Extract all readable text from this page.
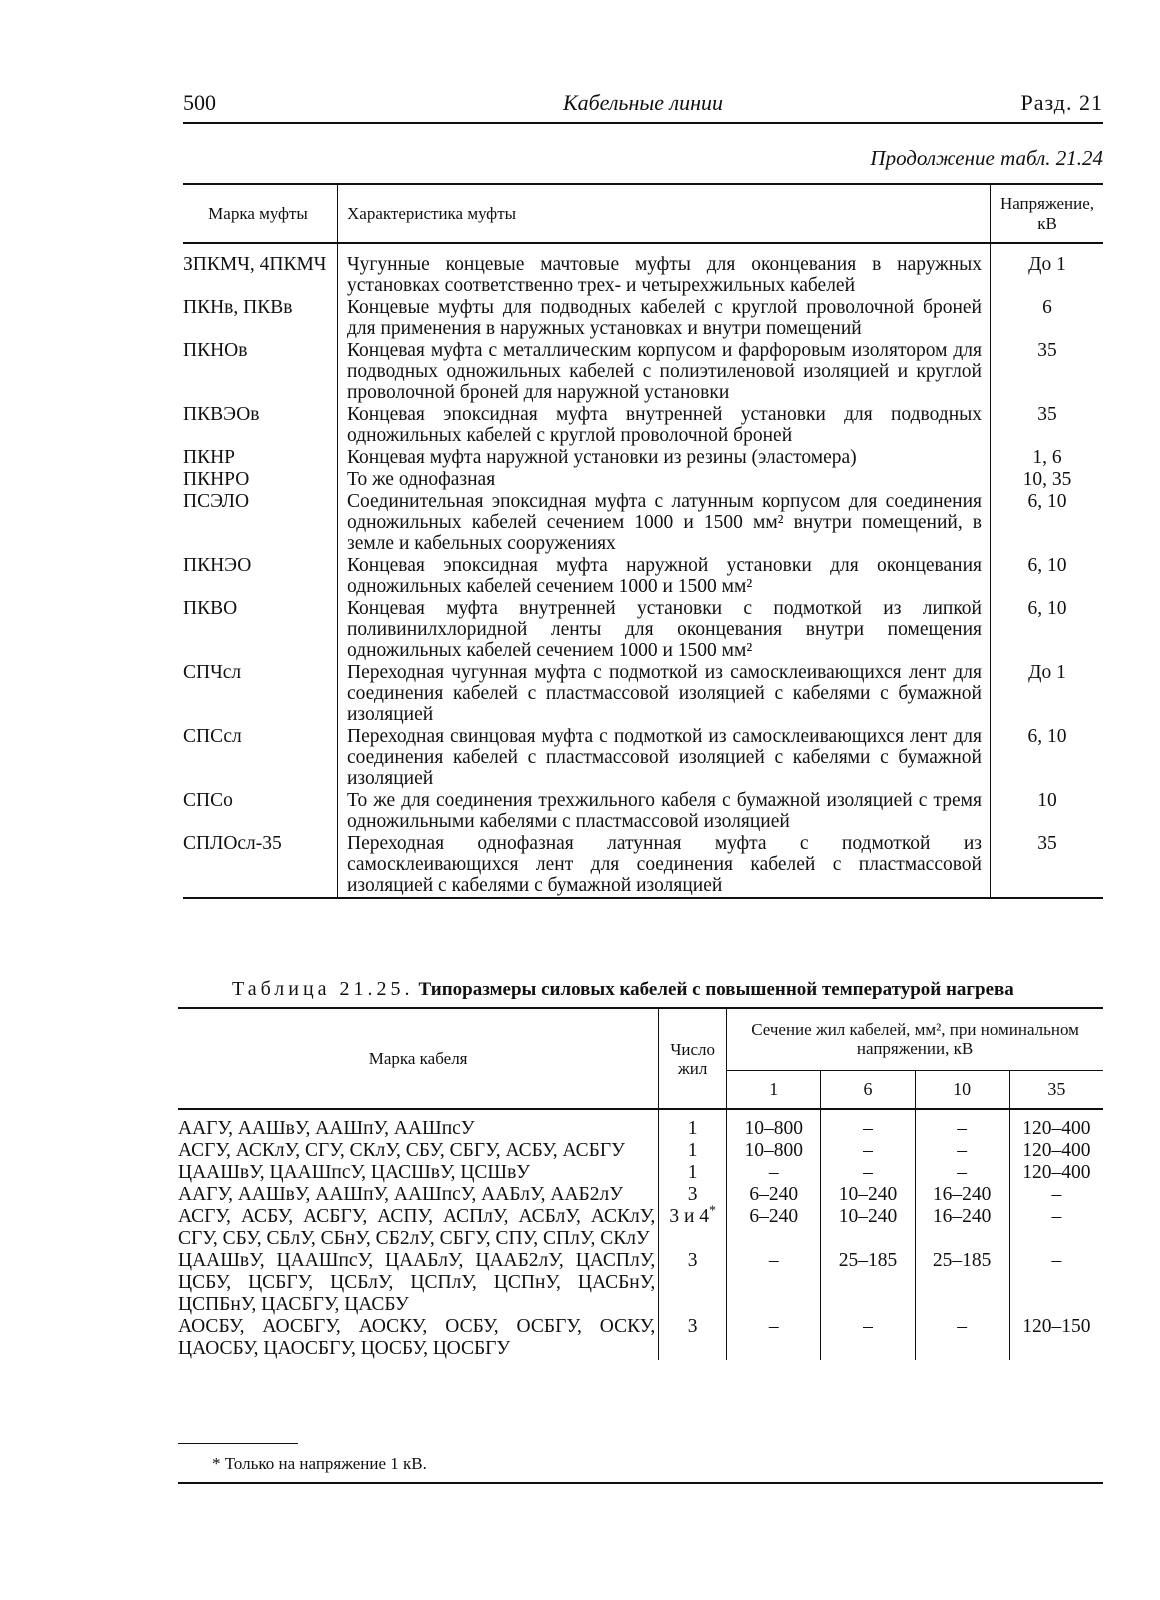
500	Кабельные линии	Разд. 21
Продолжение табл. 21.24
Марка муфты	Характеристика муфты	Напряжение, кВ
ЗПКМЧ, 4ПКМЧ	Чугунные концевые мачтовые муфты для оконцевания в наружных установках соответственно трех- и четырехжильных кабелей	До 1
ПКНв, ПКВв	Концевые муфты для подводных кабелей с круглой проволочной броней для применения в наружных установках и внутри помещений	6
ПКНОв	Концевая муфта с металлическим корпусом и фарфоровым изолятором для подводных одножильных кабелей с полиэтиленовой изоляцией и круглой проволочной броней для наружной установки	35
ПКВЭОв	Концевая эпоксидная муфта внутренней установки для подводных одножильных кабелей с круглой проволочной броней	35
ПКНР	Концевая муфта наружной установки из резины (эластомера)	1, 6
ПКНРО	То же однофазная	10, 35
ПСЭЛО	Соединительная эпоксидная муфта с латунным корпусом для соединения одножильных кабелей сечением 1000 и 1500 мм² внутри помещений, в земле и кабельных сооружениях	6, 10
ПКНЭО	Концевая эпоксидная муфта наружной установки для оконцевания одножильных кабелей сечением 1000 и 1500 мм²	6, 10
ПКВО	Концевая муфта внутренней установки с подмоткой из липкой поливинилхлоридной ленты для оконцевания внутри помещения одножильных кабелей сечением 1000 и 1500 мм²	6, 10
СПЧсл	Переходная чугунная муфта с подмоткой из самосклеивающихся лент для соединения кабелей с пластмассовой изоляцией с кабелями с бумажной изоляцией	До 1
СПСсл	Переходная свинцовая муфта с подмоткой из самосклеивающихся лент для соединения кабелей с пластмассовой изоляцией с кабелями с бумажной изоляцией	6, 10
СПСо	То же для соединения трехжильного кабеля с бумажной изоляцией с тремя одножильными кабелями с пластмассовой изоляцией	10
СПЛОсл-35	Переходная однофазная латунная муфта с подмоткой из самосклеивающихся лент для соединения кабелей с пластмассовой изоляцией с кабелями с бумажной изоляцией	35
Таблица 21.25. Типоразмеры силовых кабелей с повышенной температурой нагрева
Марка кабеля	Число жил	Сечение жил кабелей, мм², при номинальном напряжении, кВ			
		1	6	10	35
ААГУ, ААШвУ, ААШпУ, ААШпсУ	1	10–800	–	–	120–400
АСГУ, АСКлУ, СГУ, СКлУ, СБУ, СБГУ, АСБУ, АСБГУ	1	10–800	–	–	120–400
ЦААШвУ, ЦААШпсУ, ЦАСШвУ, ЦСШвУ	1	–	–	–	120–400
ААГУ, ААШвУ, ААШпУ, ААШпсУ, ААБлУ, ААБ2лУ	3	6–240	10–240	16–240	–
АСГУ, АСБУ, АСБГУ, АСПУ, АСПлУ, АСБлУ, АСКлУ, СГУ, СБУ, СБлУ, СБнУ, СБ2лУ, СБГУ, СПУ, СПлУ, СКлУ	3 и 4*	6–240	10–240	16–240	–
ЦААШвУ, ЦААШпсУ, ЦААБлУ, ЦААБ2лУ, ЦАСПлУ, ЦСБУ, ЦСБГУ, ЦСБлУ, ЦСПлУ, ЦСПнУ, ЦАСБнУ, ЦСПБнУ, ЦАСБГУ, ЦАСБУ	3	–	25–185	25–185	–
АОСБУ, АОСБГУ, АОСКУ, ОСБУ, ОСБГУ, ОСКУ, ЦАОСБУ, ЦАОСБГУ, ЦОСБУ, ЦОСБГУ	3	–	–	–	120–150
* Только на напряжение 1 кВ.
